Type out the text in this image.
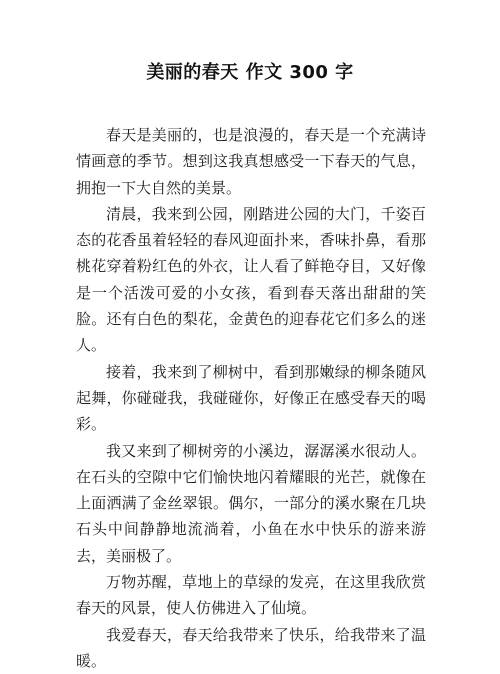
美丽的春天 作文 300 字

春天是美丽的，也是浪漫的，春天是一个充满诗情画意的季节。想到这我真想感受一下春天的气息，拥抱一下大自然的美景。

清晨，我来到公园，刚踏进公园的大门，千姿百态的花香虽着轻轻的春风迎面扑来，香味扑鼻，看那桃花穿着粉红色的外衣，让人看了鲜艳夺目，又好像是一个活泼可爱的小女孩，看到春天落出甜甜的笑脸。还有白色的梨花，金黄色的迎春花它们多么的迷人。

接着，我来到了柳树中，看到那嫩绿的柳条随风起舞，你碰碰我，我碰碰你，好像正在感受春天的喝彩。

我又来到了柳树旁的小溪边，潺潺溪水很动人。在石头的空隙中它们愉快地闪着耀眼的光芒，就像在上面洒满了金丝翠银。偶尔，一部分的溪水聚在几块石头中间静静地流淌着，小鱼在水中快乐的游来游去，美丽极了。

万物苏醒，草地上的草绿的发亮，在这里我欣赏春天的风景，使人仿佛进入了仙境。

我爱春天，春天给我带来了快乐，给我带来了温暖。
